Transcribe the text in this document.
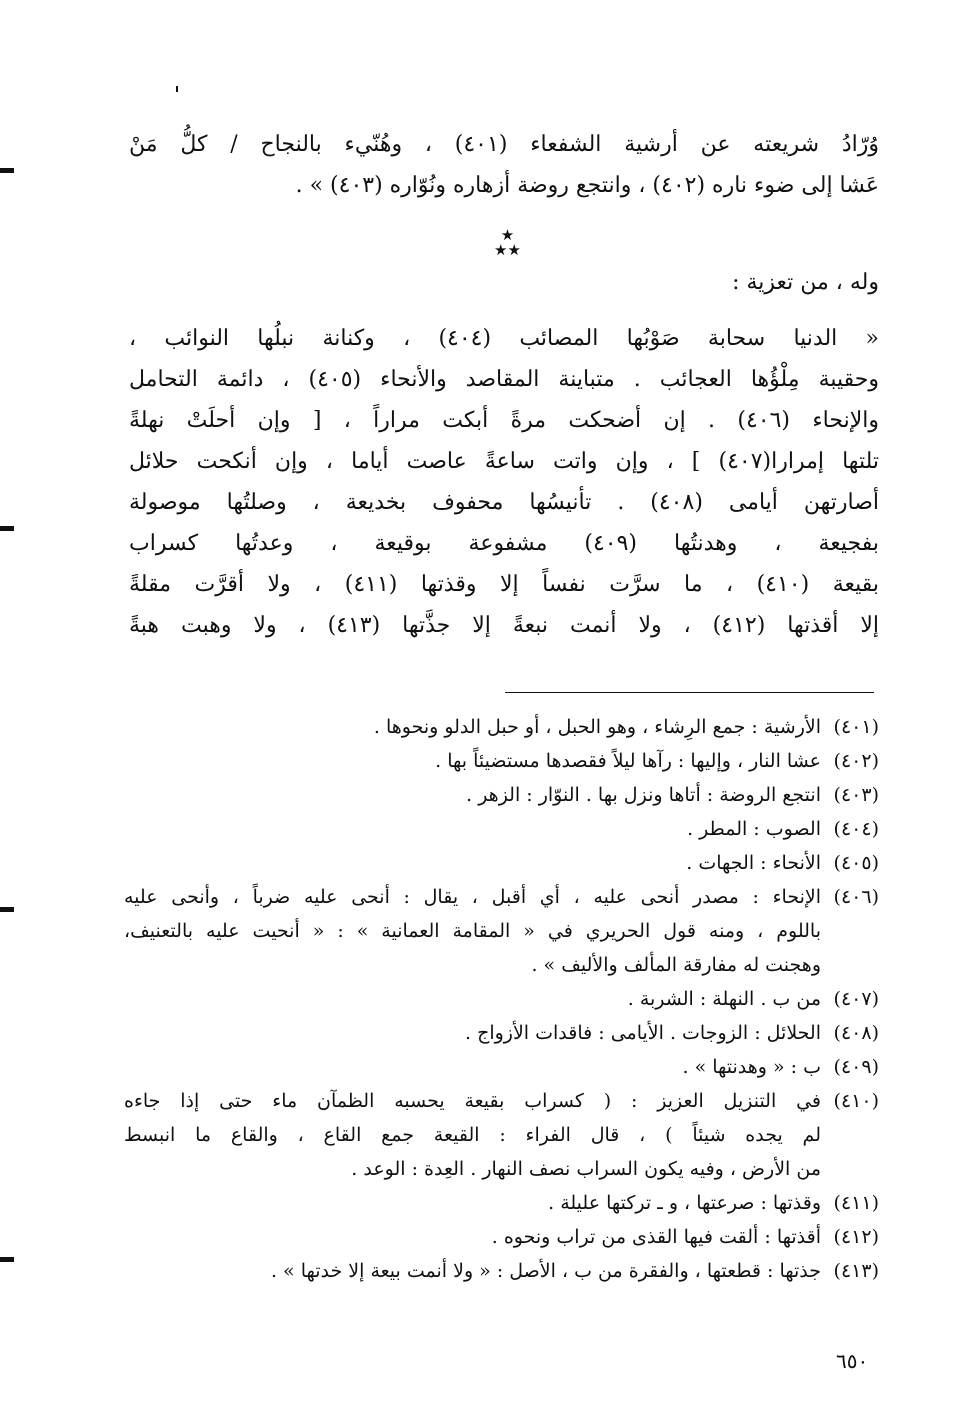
وُرّادُ شريعته عن أرشية الشفعاء (٤٠١) ، وهُنّيء بالنجاح / كلُّ مَنْ
عَشا إلى ضوء ناره (٤٠٢) ، وانتجع روضة أزهاره ونُوّاره (٤٠٣) » .
★
★★
وله ، من تعزية :
« الدنيا سحابة صَوْبُها المصائب (٤٠٤) ، وكنانة نبلُها النوائب ،
وحقيبة مِلْؤُها العجائب . متباينة المقاصد والأنحاء (٤٠٥) ، دائمة التحامل
والإنحاء (٤٠٦) . إن أضحكت مرةً أبكت مراراً ، [ وإن أحلَتْ نهلةً
تلتها إمرارا(٤٠٧) ] ، وإن واتت ساعةً عاصت أياما ، وإن أنكحت حلائل
أصارتهن أيامى (٤٠٨) . تأنيسُها محفوف بخديعة ، وصلتُها موصولة
بفجيعة ، وهدنتُها (٤٠٩) مشفوعة بوقيعة ، وعدتُها كسراب
بقيعة (٤١٠) ، ما سرَّت نفساً إلا وقذتها (٤١١) ، ولا أقرَّت مقلةً
إلا أقذتها (٤١٢) ، ولا أنمت نبعةً إلا جذَّتها (٤١٣) ، ولا وهبت هبةً
(٤٠١)
الأرشية : جمع الرِشاء ، وهو الحبل ، أو حبل الدلو ونحوها .
(٤٠٢)
عشا النار ، وإليها : رآها ليلاً فقصدها مستضيئاً بها .
(٤٠٣)
انتجع الروضة : أتاها ونزل بها . النوّار : الزهر .
(٤٠٤)
الصوب : المطر .
(٤٠٥)
الأنحاء : الجهات .
(٤٠٦)
الإنحاء : مصدر أنحى عليه ، أي أقبل ، يقال : أنحى عليه ضرباً ، وأنحى عليه
باللوم ، ومنه قول الحريري في « المقامة العمانية » : « أنحيت عليه بالتعنيف،
وهجنت له مفارقة المألف والأليف » .
(٤٠٧)
من ب . النهلة : الشربة .
(٤٠٨)
الحلائل : الزوجات . الأيامى : فاقدات الأزواج .
(٤٠٩)
ب : « وهدنتها » .
(٤١٠)
في التنزيل العزيز : ( كسراب بقيعة يحسبه الظمآن ماء حتى إذا جاءه
لم يجده شيئاً ) ، قال الفراء : القيعة جمع القاع ، والقاع ما انبسط
من الأرض ، وفيه يكون السراب نصف النهار . العِدة : الوعد .
(٤١١)
وقذتها : صرعتها ، و ـ تركتها عليلة .
(٤١٢)
أقذتها : ألقت فيها القذى من تراب ونحوه .
(٤١٣)
جذتها : قطعتها ، والفقرة من ب ، الأصل : « ولا أنمت بيعة إلا خدتها » .
٦٥٠
